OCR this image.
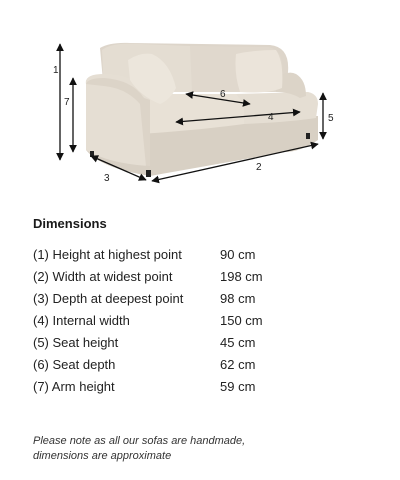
1
2
3
4	5
6
7
Dimensions
(1) Height at highest point	90 cm
(2) Width at widest point	198 cm
(3) Depth at deepest point	98 cm
(4) Internal width	150 cm
(5) Seat height	45 cm
(6) Seat depth	62 cm
(7) Arm height	59 cm
Please note as all our sofas are handmade,
dimensions are approximate
